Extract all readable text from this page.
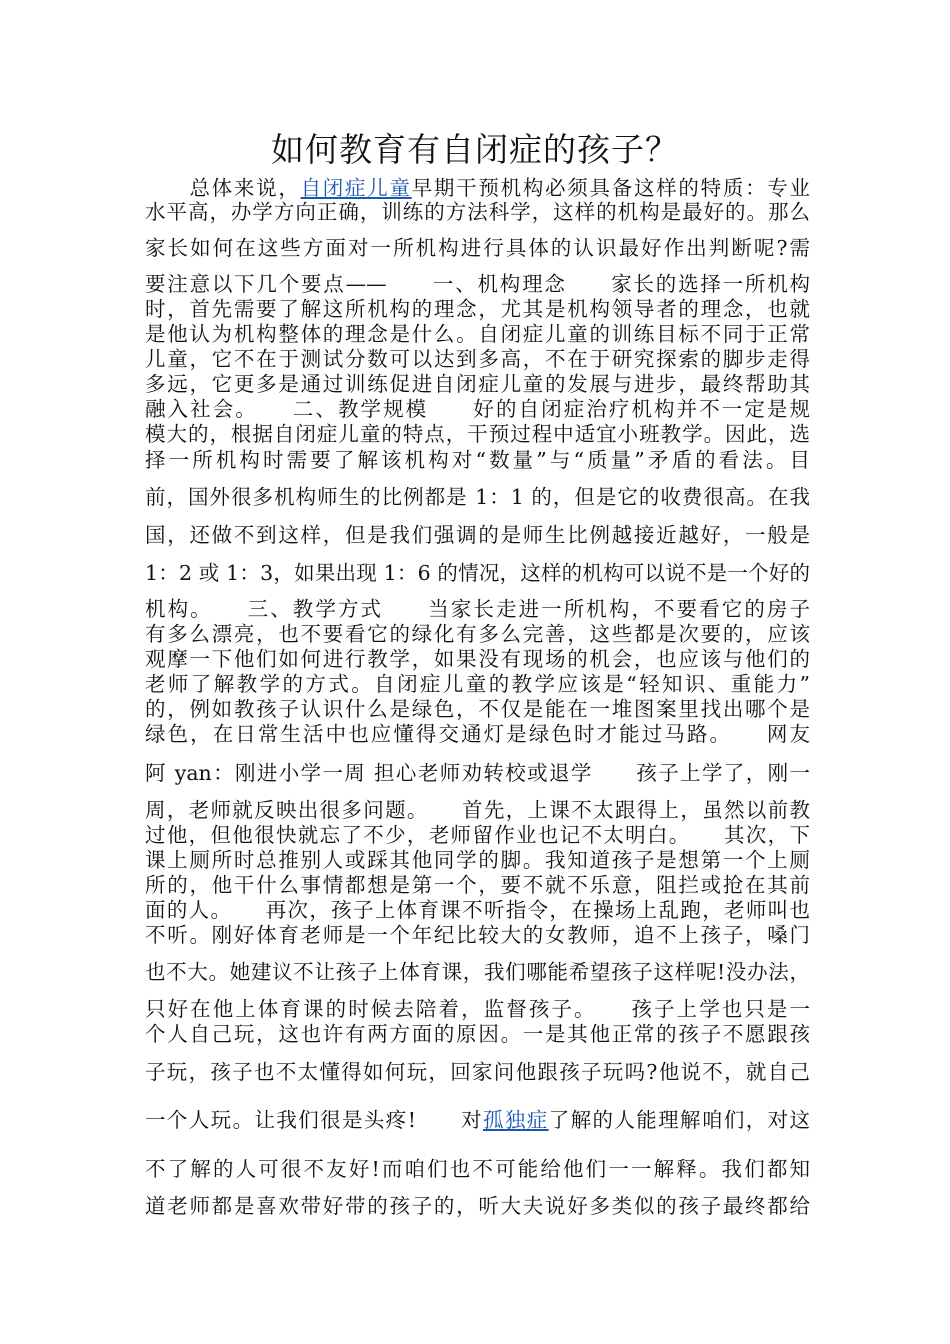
如何教育有自闭症的孩子？
　　总体来说，自闭症儿童早期干预机构必须具备这样的特质：专业
水平高，办学方向正确，训练的方法科学，这样的机构是最好的。那么
家长如何在这些方面对一所机构进行具体的认识最好作出判断呢?需
要注意以下几个要点——　　一、机构理念　　家长的选择一所机构
时，首先需要了解这所机构的理念，尤其是机构领导者的理念，也就
是他认为机构整体的理念是什么。自闭症儿童的训练目标不同于正常
儿童，它不在于测试分数可以达到多高，不在于研究探索的脚步走得
多远，它更多是通过训练促进自闭症儿童的发展与进步，最终帮助其
融入社会。　　二、教学规模　　好的自闭症治疗机构并不一定是规
模大的，根据自闭症儿童的特点，干预过程中适宜小班教学。因此，选
择一所机构时需要了解该机构对“数量”与“质量”矛盾的看法。目
前，国外很多机构师生的比例都是 1：1 的，但是它的收费很高。在我
国，还做不到这样，但是我们强调的是师生比例越接近越好，一般是
1：2 或 1：3，如果出现 1：6 的情况，这样的机构可以说不是一个好的
机构。　　三、教学方式　　当家长走进一所机构，不要看它的房子
有多么漂亮，也不要看它的绿化有多么完善，这些都是次要的，应该
观摩一下他们如何进行教学，如果没有现场的机会，也应该与他们的
老师了解教学的方式。自闭症儿童的教学应该是“轻知识、重能力”
的，例如教孩子认识什么是绿色，不仅是能在一堆图案里找出哪个是
绿色，在日常生活中也应懂得交通灯是绿色时才能过马路。　　网友
阿 yan：刚进小学一周 担心老师劝转校或退学　　孩子上学了，刚一
周，老师就反映出很多问题。　　首先，上课不太跟得上，虽然以前教
过他，但他很快就忘了不少，老师留作业也记不太明白。　　其次，下
课上厕所时总推别人或踩其他同学的脚。我知道孩子是想第一个上厕
所的，他干什么事情都想是第一个，要不就不乐意，阻拦或抢在其前
面的人。　　再次，孩子上体育课不听指令，在操场上乱跑，老师叫也
不听。刚好体育老师是一个年纪比较大的女教师，追不上孩子，嗓门
也不大。她建议不让孩子上体育课，我们哪能希望孩子这样呢!没办法，
只好在他上体育课的时候去陪着，监督孩子。　　孩子上学也只是一
个人自己玩，这也许有两方面的原因。一是其他正常的孩子不愿跟孩
子玩，孩子也不太懂得如何玩，回家问他跟孩子玩吗?他说不，就自己
一个人玩。让我们很是头疼!　　对孤独症了解的人能理解咱们，对这
不了解的人可很不友好!而咱们也不可能给他们一一解释。我们都知
道老师都是喜欢带好带的孩子的，听大夫说好多类似的孩子最终都给
